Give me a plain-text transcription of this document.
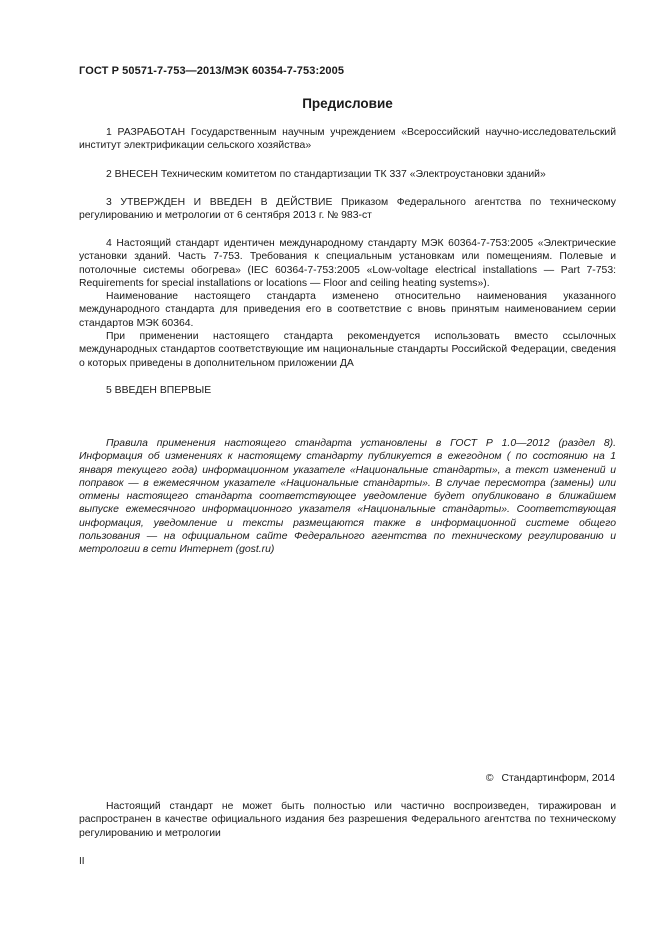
ГОСТ Р 50571-7-753—2013/МЭК 60354-7-753:2005
Предисловие

1 РАЗРАБОТАН Государственным научным учреждением «Всероссийский научно-исследовательский институт электрификации сельского хозяйства»

2 ВНЕСЕН Техническим комитетом по стандартизации ТК 337 «Электроустановки зданий»

3 УТВЕРЖДЕН И ВВЕДЕН В ДЕЙСТВИЕ Приказом Федерального агентства по техническому регулированию и метрологии от 6 сентября 2013 г. № 983-ст

4 Настоящий стандарт идентичен международному стандарту МЭК 60364-7-753:2005 «Электрические установки зданий. Часть 7-753. Требования к специальным установкам или помещениям. Полевые и потолочные системы обогрева» (IEC 60364-7-753:2005 «Low-voltage electrical installations — Part 7-753: Requirements for special installations or locations — Floor and ceiling heating systems»).

Наименование настоящего стандарта изменено относительно наименования указанного международного стандарта для приведения его в соответствие с вновь принятым наименованием серии стандартов МЭК 60364.

При применении настоящего стандарта рекомендуется использовать вместо ссылочных международных стандартов соответствующие им национальные стандарты Российской Федерации, сведения о которых приведены в дополнительном приложении ДА

5 ВВЕДЕН ВПЕРВЫЕ

Правила применения настоящего стандарта установлены в ГОСТ Р 1.0—2012 (раздел 8). Информация об изменениях к настоящему стандарту публикуется в ежегодном ( по состоянию на 1 января текущего года) информационном указателе «Национальные стандарты», а текст изменений и поправок — в ежемесячном указателе «Национальные стандарты». В случае пересмотра (замены) или отмены настоящего стандарта соответствующее уведомление будет опубликовано в ближайшем выпуске ежемесячного информационного указателя «Национальные стандарты». Соответствующая информация, уведомление и тексты размещаются также в информационной системе общего пользования — на официальном сайте Федерального агентства по техническому регулированию и метрологии в сети Интернет (gost.ru)

© Стандартинформ, 2014

Настоящий стандарт не может быть полностью или частично воспроизведен, тиражирован и распространен в качестве официального издания без разрешения Федерального агентства по техническому регулированию и метрологии

II
